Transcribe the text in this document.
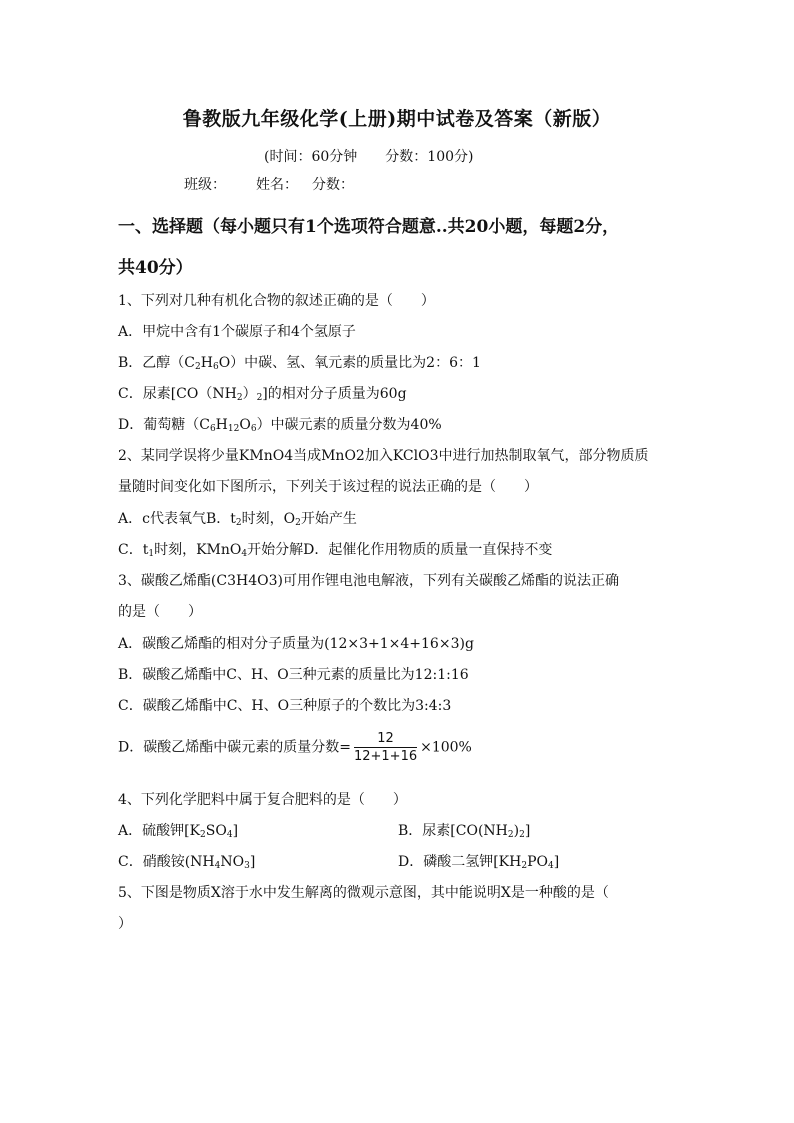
鲁教版九年级化学(上册)期中试卷及答案（新版）
(时间：60分钟 分数：100分)
班级： 姓名： 分数：
一、选择题（每小题只有1个选项符合题意..共20小题，每题2分，
共40分）
1、下列对几种有机化合物的叙述正确的是（　　）
A．甲烷中含有1个碳原子和4个氢原子
B．乙醇$(C_2H_6O)$中碳、氢、氧元素的质量比为2：6：1
C．尿素$[CO(NH_2)_2]$的相对分子质量为60g
D．葡萄糖$(C_6H_{12}O_6)$中碳元素的质量分数为40%
2、某同学误将少量KMnO4当成MnO2加入KClO3中进行加热制取氧气，部分物质质
量随时间变化如下图所示，下列关于该过程的说法正确的是（　　）
A．c代表氧气B．$t_2$时刻，$O_2$开始产生
C．$t_1$时刻，KMnO$_4$开始分解D．起催化作用物质的质量一直保持不变
3、碳酸乙烯酯(C3H4O3)可用作锂电池电解液，下列有关碳酸乙烯酯的说法正确
的是（　　）
A．碳酸乙烯酯的相对分子质量为(12×3+1×4+16×3)g
B．碳酸乙烯酯中C、H、O三种元素的质量比为12:1:16
C．碳酸乙烯酯中C、H、O三种原子的个数比为3:4:3
D．碳酸乙烯酯中碳元素的质量分数= $\frac{12}{12+1+16} \times 100\%$
4、下列化学肥料中属于复合肥料的是（　　）
A．硫酸钾$[K_2SO_4]$	B．尿素$[CO(NH_2)_2]$
C．硝酸铵$(NH_4NO_3]$	D．磷酸二氢钾$[KH_2PO_4]$
5、下图是物质X溶于水中发生解离的微观示意图，其中能说明X是一种酸的是（
）
